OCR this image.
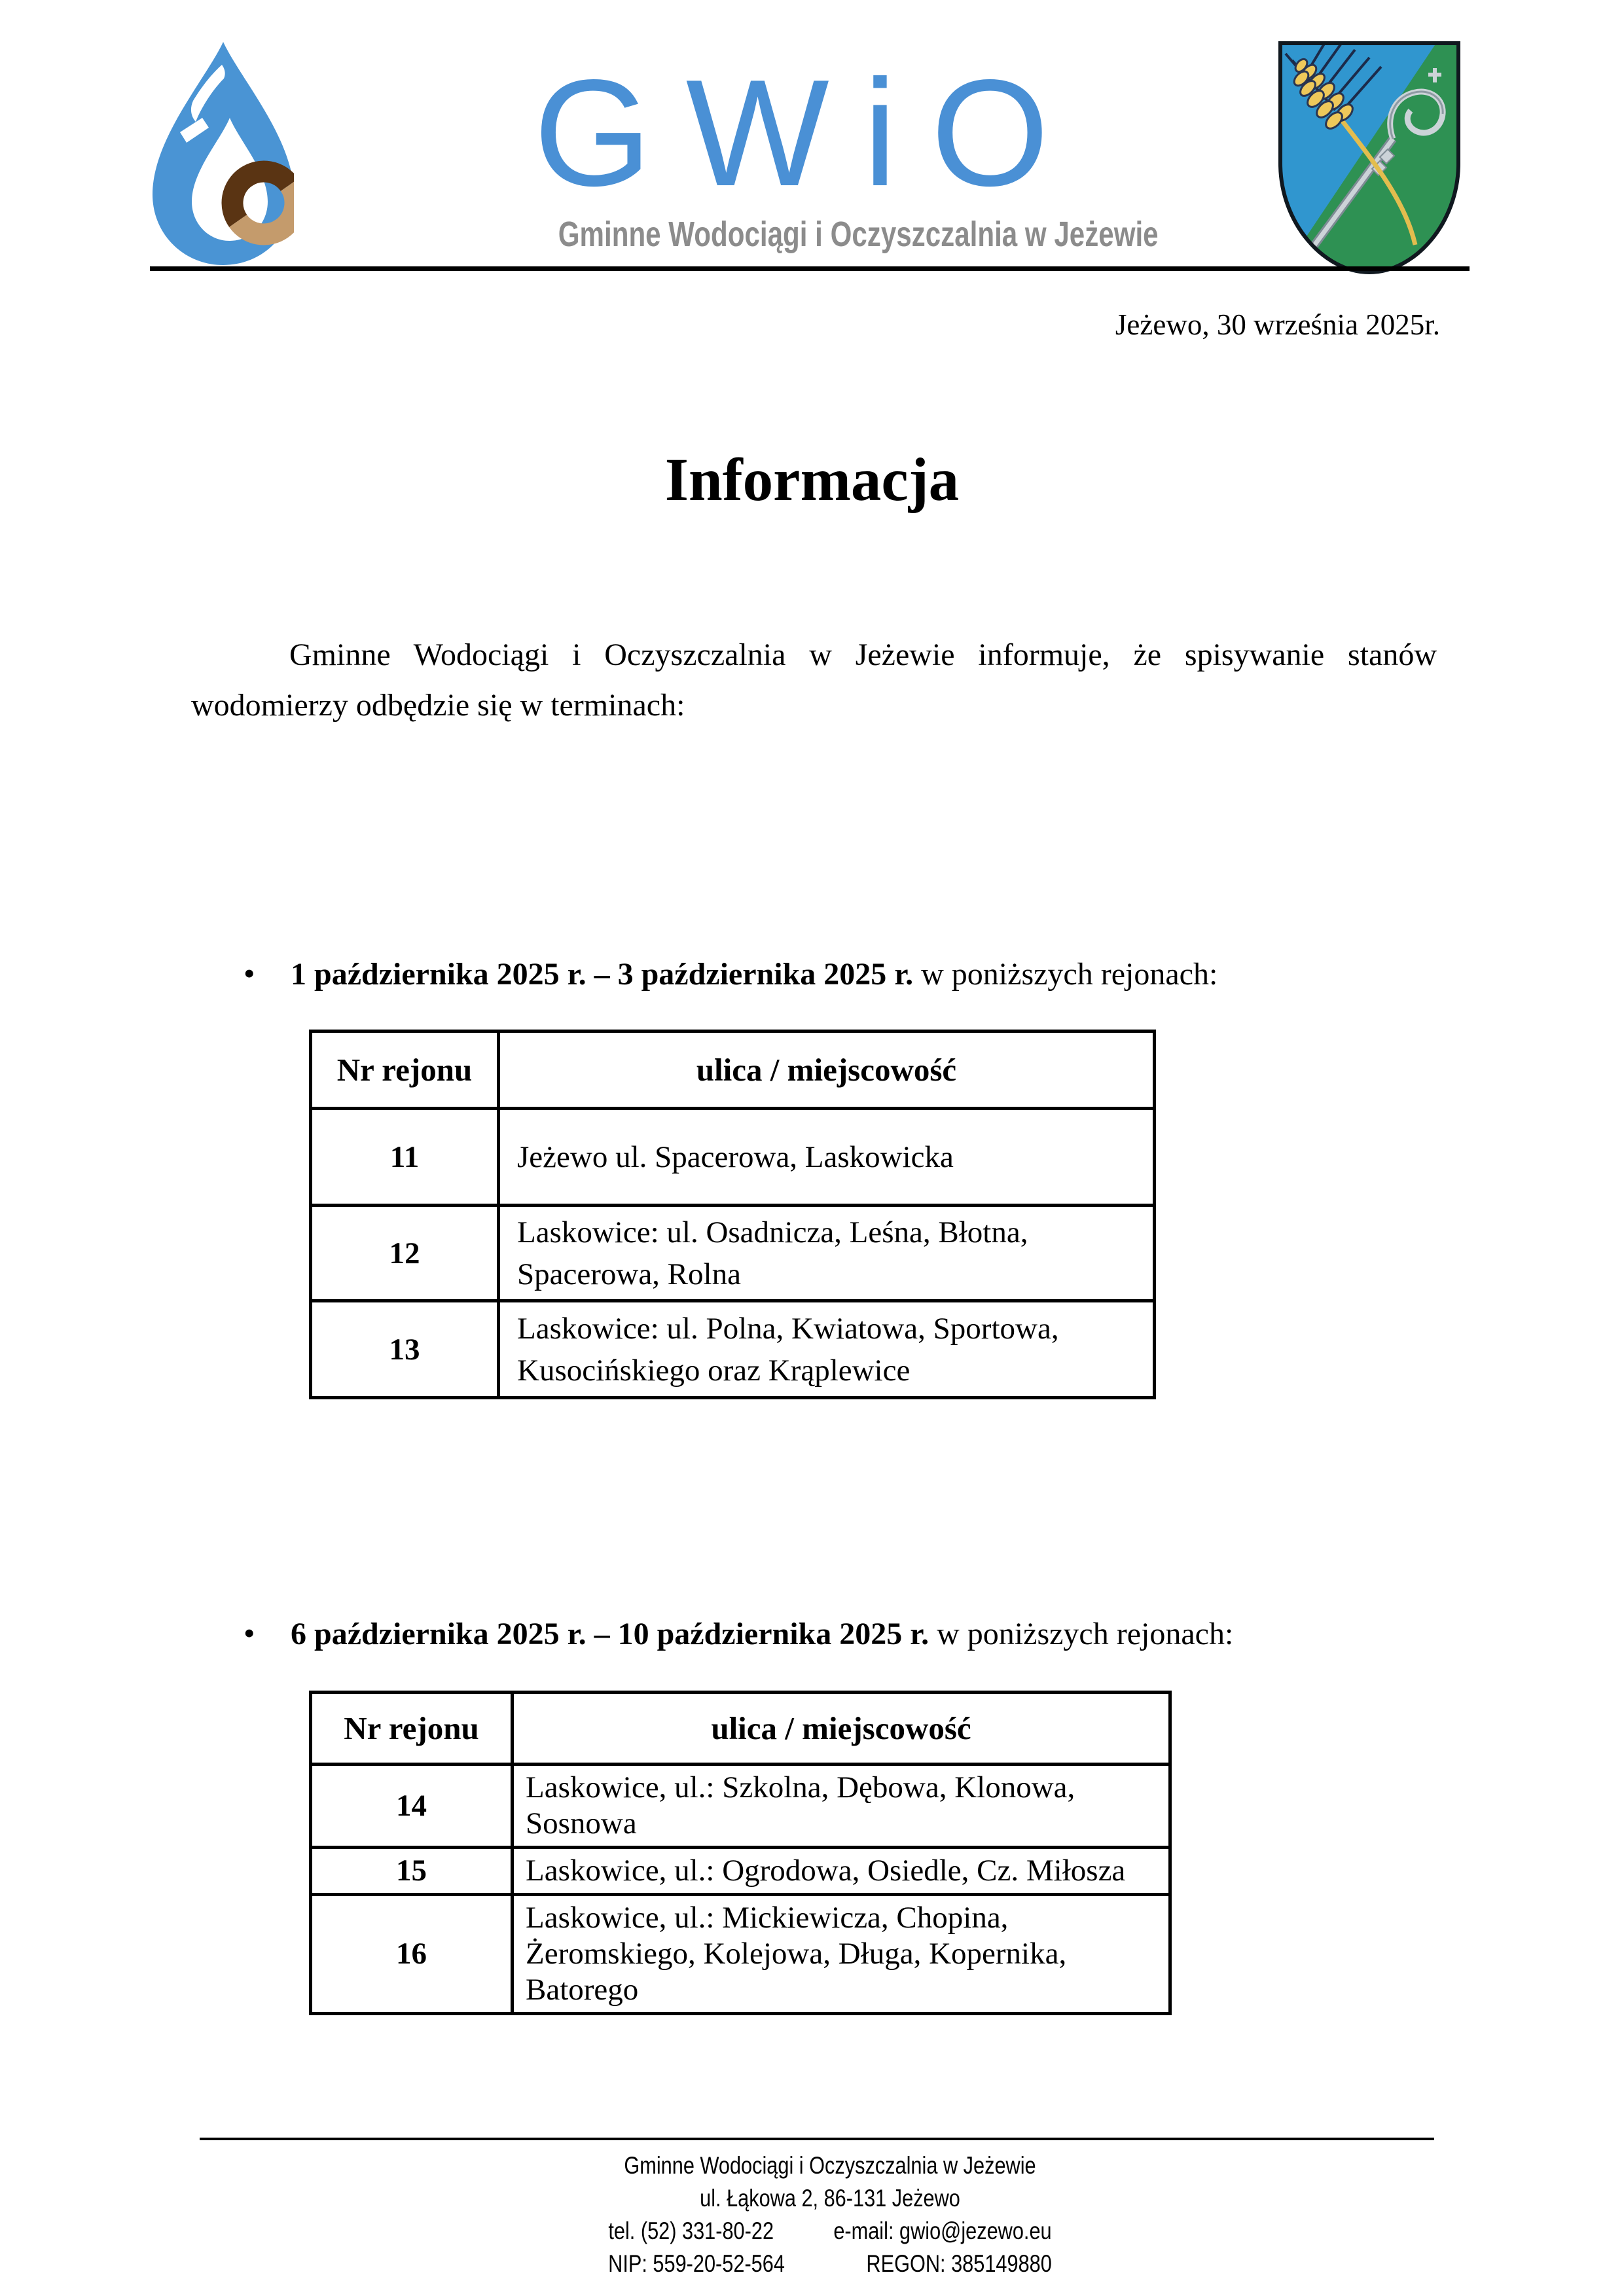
GWiO
Gminne Wodociągi i Oczyszczalnia w Jeżewie
Jeżewo, 30 września 2025r.
Informacja

Gminne Wodociągi i Oczyszczalnia w Jeżewie informuje, że spisywanie stanów wodomierzy odbędzie się w terminach:

• 1 października 2025 r. – 3 października 2025 r. w poniższych rejonach:
Nr rejonu	ulica / miejscowość
11	Jeżewo ul. Spacerowa, Laskowicka
12	Laskowice: ul. Osadnicza, Leśna, Błotna, Spacerowa, Rolna
13	Laskowice: ul. Polna, Kwiatowa, Sportowa, Kusocińskiego oraz Krąplewice
• 6 października 2025 r. – 10 października 2025 r. w poniższych rejonach:
Nr rejonu	ulica / miejscowość
14	Laskowice, ul.: Szkolna, Dębowa, Klonowa, Sosnowa
15	Laskowice, ul.: Ogrodowa, Osiedle, Cz. Miłosza
16	Laskowice, ul.: Mickiewicza, Chopina, Żeromskiego, Kolejowa, Długa, Kopernika, Batorego
Gminne Wodociągi i Oczyszczalnia w Jeżewie
ul. Łąkowa 2, 86-131 Jeżewo
tel. (52) 331-80-22 e-mail: gwio@jezewo.eu
NIP: 559-20-52-564	REGON: 385149880
